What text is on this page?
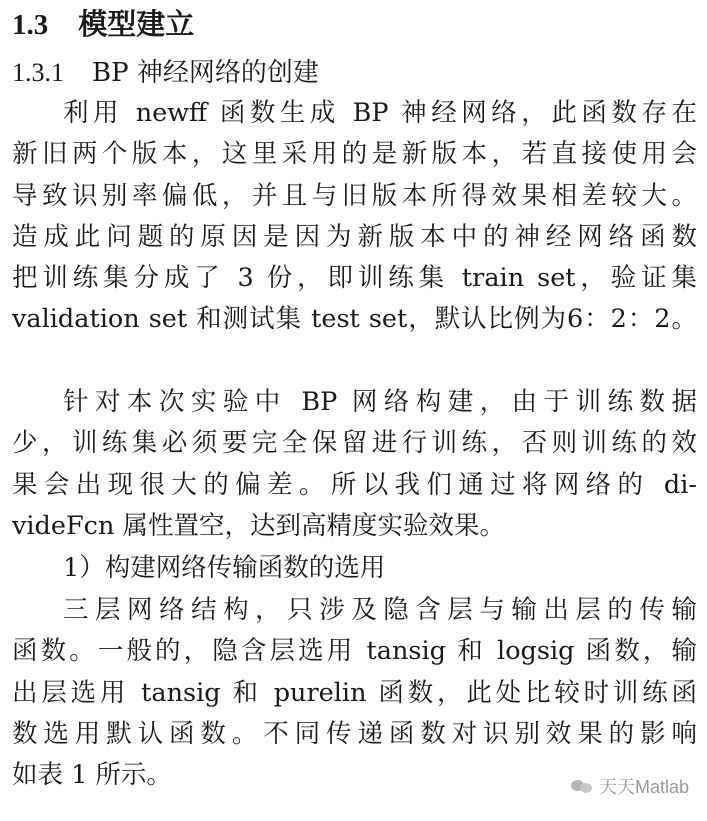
1.3 模型建立
1.3.1 BP 神经网络的创建
利用 newff 函数生成 BP 神经网络，此函数存在
新旧两个版本，这里采用的是新版本，若直接使用会
导致识别率偏低，并且与旧版本所得效果相差较大。
造成此问题的原因是因为新版本中的神经网络函数
把训练集分成了 3 份，即训练集 train set，验证集
validation set 和测试集 test set，默认比例为6：2：2。
针对本次实验中 BP 网络构建，由于训练数据
少，训练集必须要完全保留进行训练，否则训练的效
果会出现很大的偏差。所以我们通过将网络的 di-
videFcn 属性置空，达到高精度实验效果。
1）构建网络传输函数的选用
三层网络结构，只涉及隐含层与输出层的传输
函数。一般的，隐含层选用 tansig 和 logsig 函数，输
出层选用 tansig 和 purelin 函数，此处比较时训练函
数选用默认函数。不同传递函数对识别效果的影响
如表 1 所示。	天天Matlab
